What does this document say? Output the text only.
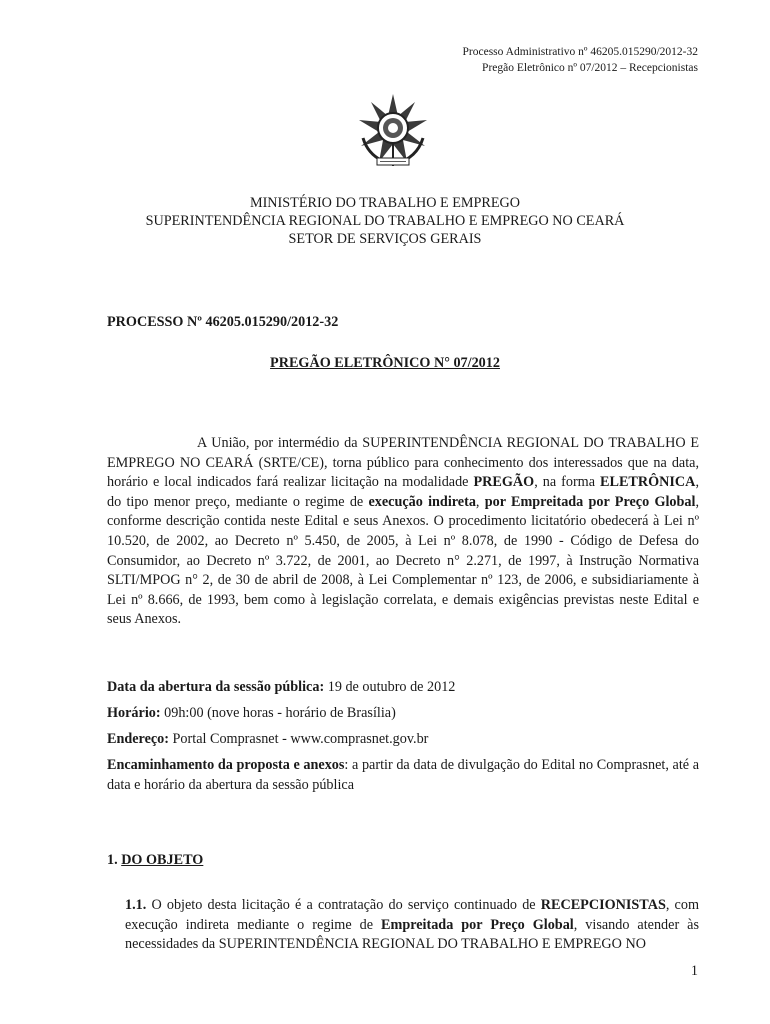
Processo Administrativo nº 46205.015290/2012-32
Pregão Eletrônico nº 07/2012 – Recepcionistas
MINISTÉRIO DO TRABALHO E EMPREGO
SUPERINTENDÊNCIA REGIONAL DO TRABALHO E EMPREGO NO CEARÁ
SETOR DE SERVIÇOS GERAIS
PROCESSO Nº 46205.015290/2012-32
PREGÃO ELETRÔNICO N° 07/2012
A União, por intermédio da SUPERINTENDÊNCIA REGIONAL DO TRABALHO E EMPREGO NO CEARÁ (SRTE/CE), torna público para conhecimento dos interessados que na data, horário e local indicados fará realizar licitação na modalidade PREGÃO, na forma ELETRÔNICA, do tipo menor preço, mediante o regime de execução indireta, por Empreitada por Preço Global, conforme descrição contida neste Edital e seus Anexos. O procedimento licitatório obedecerá à Lei nº 10.520, de 2002, ao Decreto nº 5.450, de 2005, à Lei nº 8.078, de 1990 - Código de Defesa do Consumidor, ao Decreto nº 3.722, de 2001, ao Decreto n° 2.271, de 1997, à Instrução Normativa SLTI/MPOG n° 2, de 30 de abril de 2008, à Lei Complementar nº 123, de 2006, e subsidiariamente à Lei nº 8.666, de 1993, bem como à legislação correlata, e demais exigências previstas neste Edital e seus Anexos.
Data da abertura da sessão pública: 19 de outubro de 2012
Horário: 09h:00 (nove horas - horário de Brasília)
Endereço: Portal Comprasnet - www.comprasnet.gov.br
Encaminhamento da proposta e anexos: a partir da data de divulgação do Edital no Comprasnet, até a data e horário da abertura da sessão pública
1. DO OBJETO
1.1. O objeto desta licitação é a contratação do serviço continuado de RECEPCIONISTAS, com execução indireta mediante o regime de Empreitada por Preço Global, visando atender às necessidades da SUPERINTENDÊNCIA REGIONAL DO TRABALHO E EMPREGO NO
1
